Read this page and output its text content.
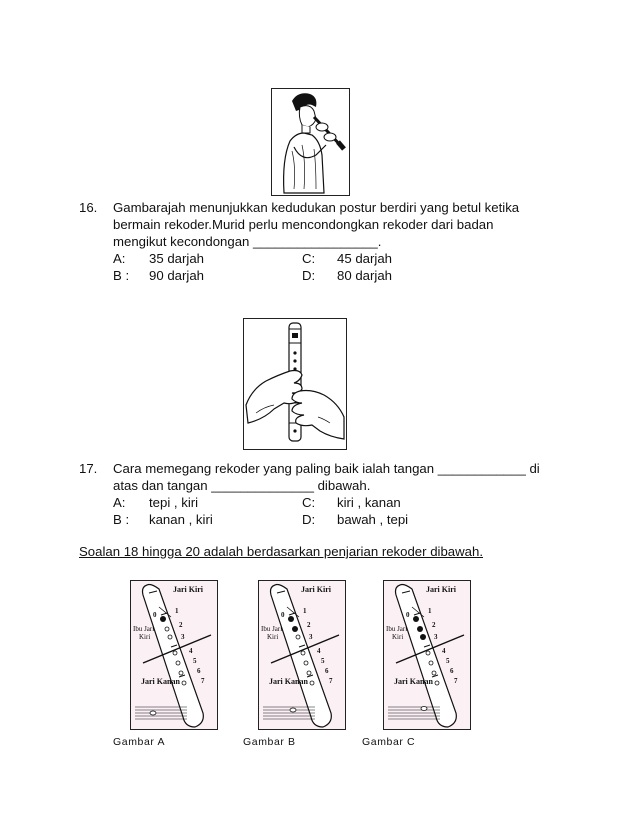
16. Gambarajah menunjukkan kedudukan postur berdiri yang betul ketika
bermain rekoder.Murid perlu mencondongkan rekoder dari badan
mengikut kecondongan _________________.
A: 35 darjah
B : 90 darjah
C: 45 darjah
D: 80 darjah
17. Cara memegang rekoder yang paling baik ialah tangan ____________ di
atas dan tangan ______________ dibawah.
A: tepi , kiri
B : kanan , kiri
C: kiri , kanan
D: bawah , tepi
Soalan 18 hingga 20 adalah berdasarkan penjarian rekoder dibawah.
Jari Kiri
Ibu Jari
Kiri
Jari Kanan
0	1
2
3
4
5
6
7
Jari Kiri
Ibu Jari
Kiri
Jari Kanan
0	1
2
3
4
5
6
7
Jari Kiri
Ibu Jari
Kiri
Jari Kanan
0	1
2
3
4
5
6
7
Gambar A	Gambar B	Gambar C
